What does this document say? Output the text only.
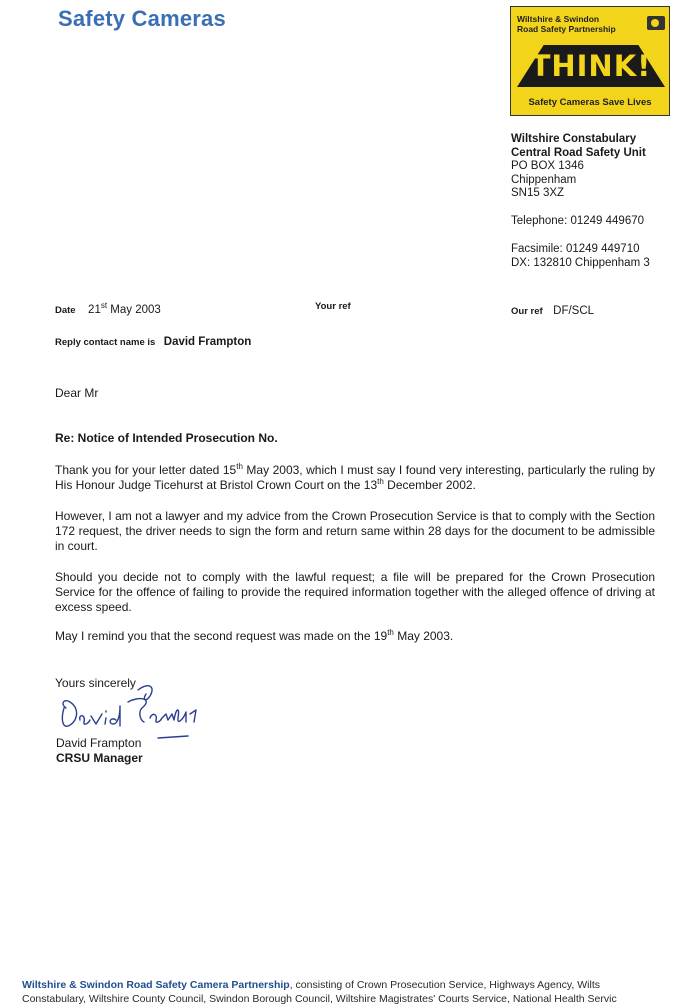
Safety Cameras	Wiltshire & Swindon
Road Safety Partnership
THINK!
Safety Cameras Save Lives
Wiltshire Constabulary
Central Road Safety Unit
PO BOX 1346
Chippenham
SN15 3XZ
Telephone: 01249 449670
Facsimile: 01249 449710
DX: 132810 Chippenham 3
Date 21st May 2003	Your ref	Our ref DF/SCL
Reply contact name is David Frampton
Dear Mr
Re: Notice of Intended Prosecution No.
Thank you for your letter dated 15th May 2003, which I must say I found very interesting, particularly the ruling by His Honour Judge Ticehurst at Bristol Crown Court on the 13th December 2002.
However, I am not a lawyer and my advice from the Crown Prosecution Service is that to comply with the Section 172 request, the driver needs to sign the form and return same within 28 days for the document to be admissible in court.
Should you decide not to comply with the lawful request; a file will be prepared for the Crown Prosecution Service for the offence of failing to provide the required information together with the alleged offence of driving at excess speed.
May I remind you that the second request was made on the 19th May 2003.
Yours sincerely
David Frampton
CRSU Manager
Wiltshire & Swindon Road Safety Camera Partnership, consisting of Crown Prosecution Service, Highways Agency, Wilts
Constabulary, Wiltshire County Council, Swindon Borough Council, Wiltshire Magistrates' Courts Service, National Health Servic
